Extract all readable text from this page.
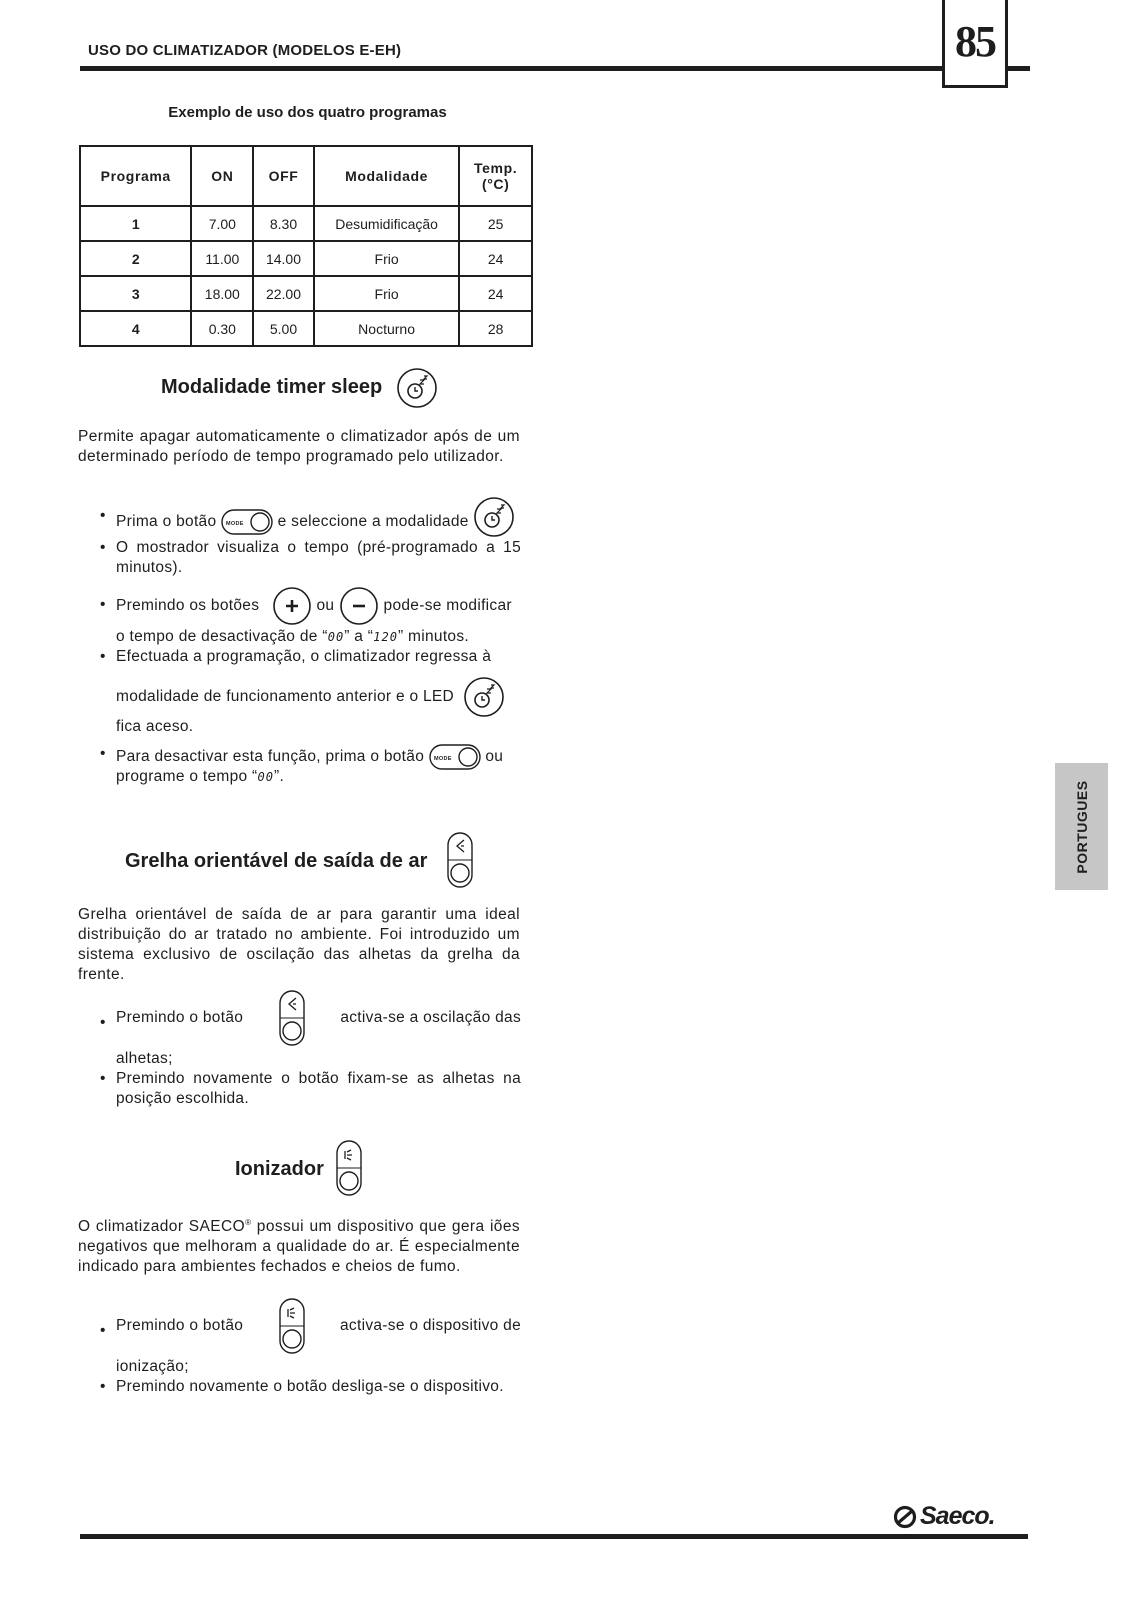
USO DO CLIMATIZADOR (MODELOS E-EH)	85
Exemplo de uso dos quatro programas
Programa	ON	OFF	Modalidade	Temp.
(°C)
1	7.00	8.30	Desumidificação	25
2	11.00	14.00	Frio	24
3	18.00	22.00	Frio	24
4	0.30	5.00	Nocturno	28
Modalidade timer sleep
Permite apagar automaticamente o climatizador após de um determinado período de tempo programado pelo utilizador.
• Prima o botão MODE e seleccione a modalidade
• O mostrador visualiza o tempo (pré-programado a 15 minutos).
• Premindo os botões	ou	pode-se modificar
o tempo de desactivação de “00” a “120” minutos.
• Efectuada a programação, o climatizador regressa à
modalidade de funcionamento anterior e o LED
fica aceso.
• Para desactivar esta função, prima o botão MODE ou
programe o tempo “00”.
Grelha orientável de saída de ar
Grelha orientável de saída de ar para garantir uma ideal distribuição do ar tratado no ambiente. Foi introduzido um sistema exclusivo de oscilação das alhetas da grelha da frente.
• Premindo o botão	activa-se a oscilação das
alhetas;
• Premindo novamente o botão fixam-se as alhetas na posição escolhida.
Ionizador
O climatizador SAECO® possui um dispositivo que gera iões negativos que melhoram a qualidade do ar. É especialmente indicado para ambientes fechados e cheios de fumo.
• Premindo o botão	activa-se o dispositivo de
ionização;
• Premindo novamente o botão desliga-se o dispositivo.
PORTUGUES
Saeco.
